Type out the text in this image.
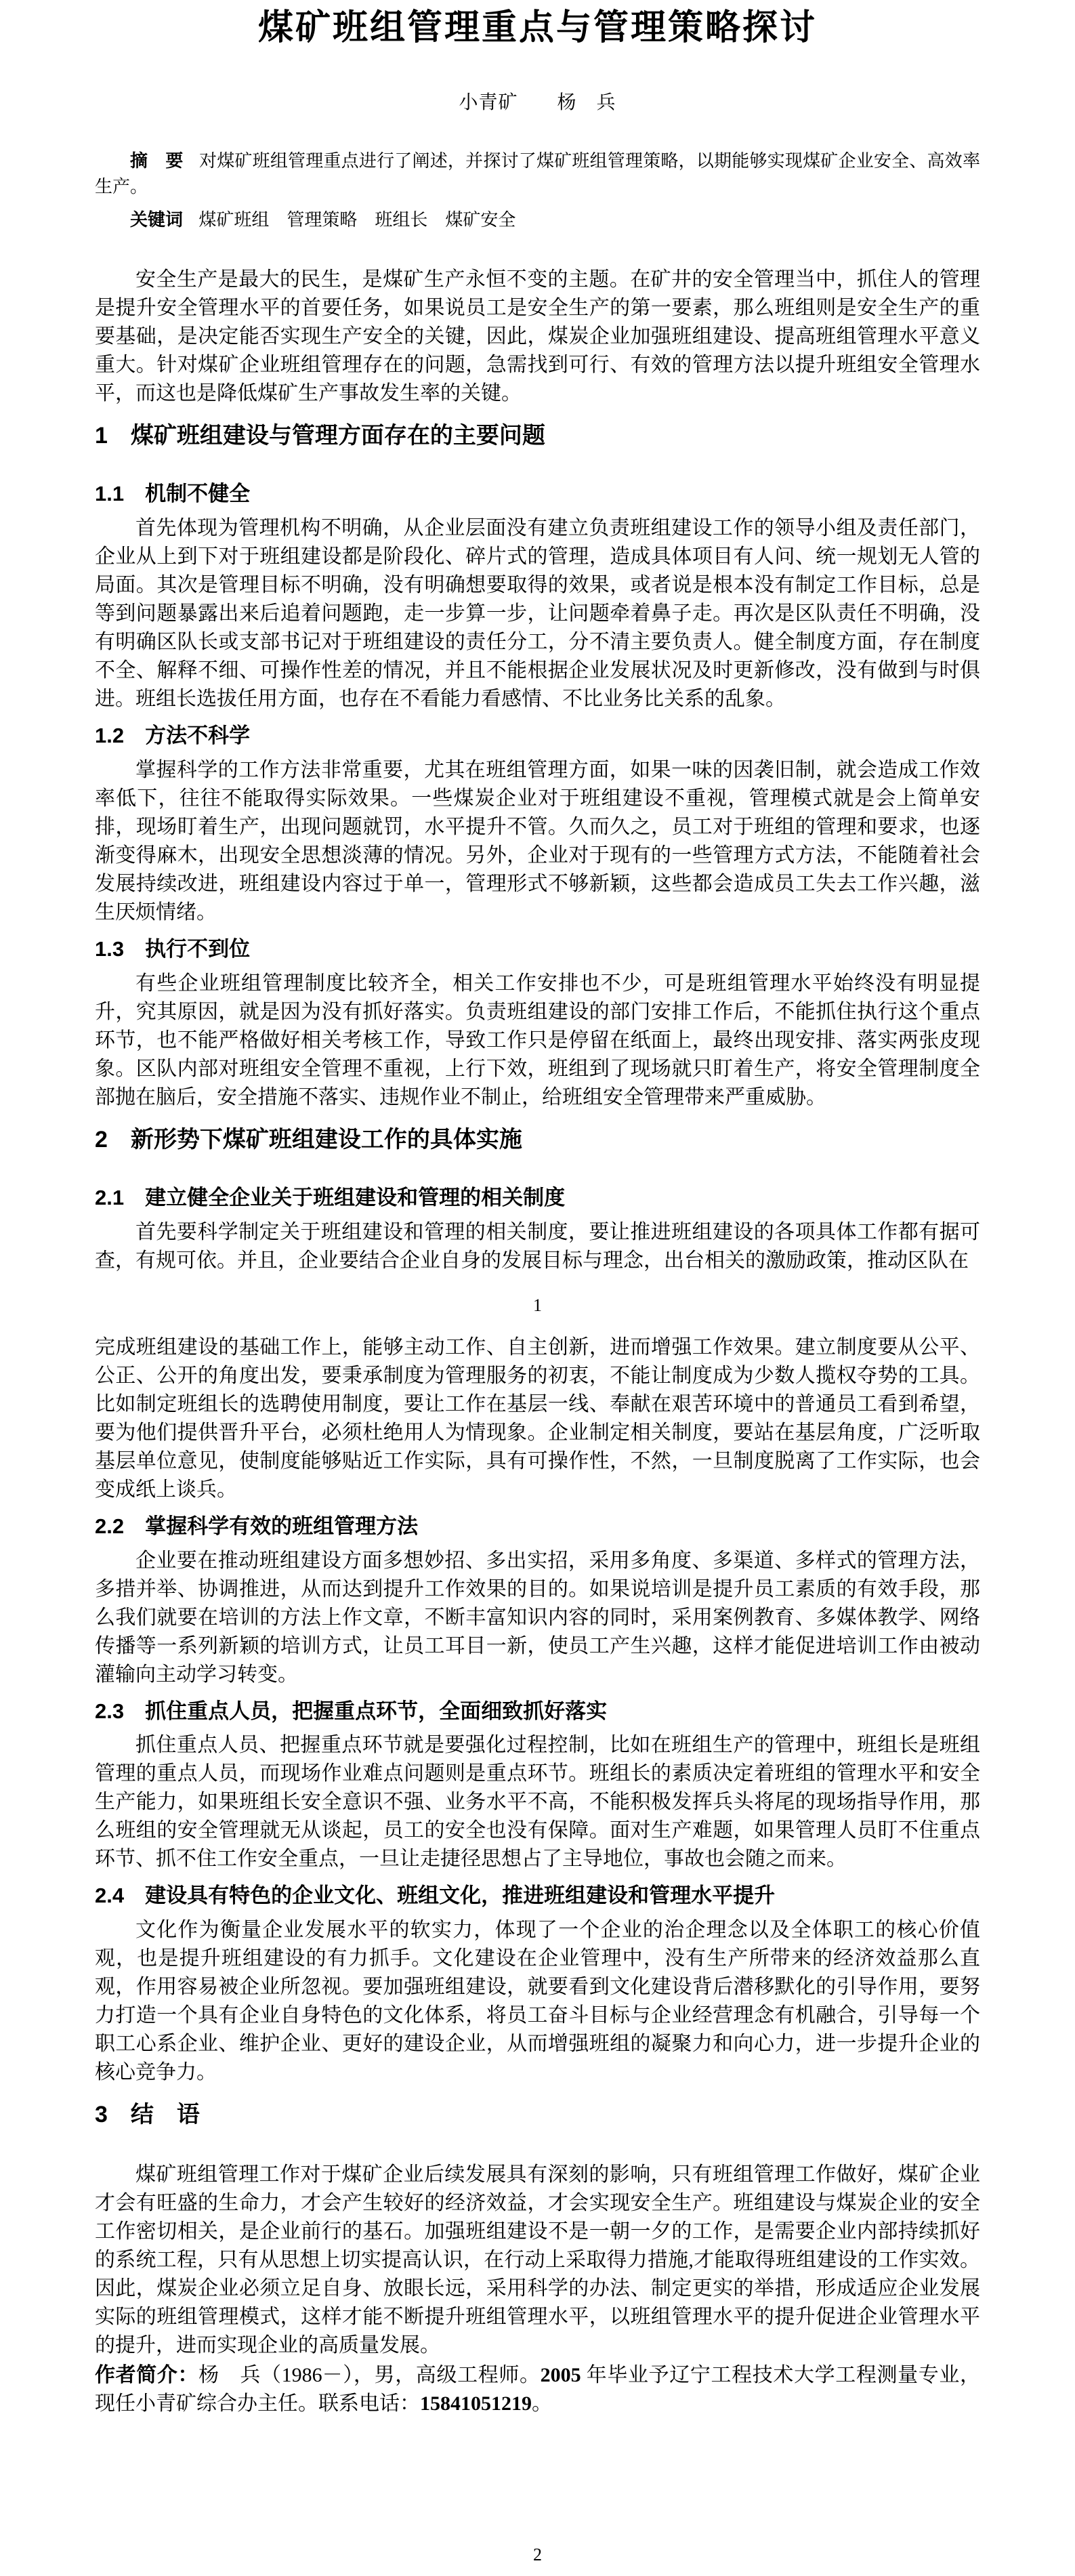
煤矿班组管理重点与管理策略探讨
小青矿　　杨　兵

摘　要 对煤矿班组管理重点进行了阐述，并探讨了煤矿班组管理策略，以期能够实现煤矿企业安全、高效率生产。

关键词 煤矿班组　管理策略　班组长　煤矿安全

安全生产是最大的民生，是煤矿生产永恒不变的主题。在矿井的安全管理当中，抓住人的管理是提升安全管理水平的首要任务，如果说员工是安全生产的第一要素，那么班组则是安全生产的重要基础，是决定能否实现生产安全的关键，因此，煤炭企业加强班组建设、提高班组管理水平意义重大。针对煤矿企业班组管理存在的问题，急需找到可行、有效的管理方法以提升班组安全管理水平，而这也是降低煤矿生产事故发生率的关键。

1　煤矿班组建设与管理方面存在的主要问题
1.1　机制不健全

首先体现为管理机构不明确，从企业层面没有建立负责班组建设工作的领导小组及责任部门，企业从上到下对于班组建设都是阶段化、碎片式的管理，造成具体项目有人问、统一规划无人管的局面。其次是管理目标不明确，没有明确想要取得的效果，或者说是根本没有制定工作目标，总是等到问题暴露出来后追着问题跑，走一步算一步，让问题牵着鼻子走。再次是区队责任不明确，没有明确区队长或支部书记对于班组建设的责任分工，分不清主要负责人。健全制度方面，存在制度不全、解释不细、可操作性差的情况，并且不能根据企业发展状况及时更新修改，没有做到与时俱进。班组长选拔任用方面，也存在不看能力看感情、不比业务比关系的乱象。

1.2　方法不科学

掌握科学的工作方法非常重要，尤其在班组管理方面，如果一味的因袭旧制，就会造成工作效率低下，往往不能取得实际效果。一些煤炭企业对于班组建设不重视，管理模式就是会上简单安排，现场盯着生产，出现问题就罚，水平提升不管。久而久之，员工对于班组的管理和要求，也逐渐变得麻木，出现安全思想淡薄的情况。另外，企业对于现有的一些管理方式方法，不能随着社会发展持续改进，班组建设内容过于单一，管理形式不够新颖，这些都会造成员工失去工作兴趣，滋生厌烦情绪。

1.3　执行不到位

有些企业班组管理制度比较齐全，相关工作安排也不少，可是班组管理水平始终没有明显提升，究其原因，就是因为没有抓好落实。负责班组建设的部门安排工作后，不能抓住执行这个重点环节，也不能严格做好相关考核工作，导致工作只是停留在纸面上，最终出现安排、落实两张皮现象。区队内部对班组安全管理不重视，上行下效，班组到了现场就只盯着生产，将安全管理制度全部抛在脑后，安全措施不落实、违规作业不制止，给班组安全管理带来严重威胁。

2　新形势下煤矿班组建设工作的具体实施
2.1　建立健全企业关于班组建设和管理的相关制度

首先要科学制定关于班组建设和管理的相关制度，要让推进班组建设的各项具体工作都有据可查，有规可依。并且，企业要结合企业自身的发展目标与理念，出台相关的激励政策，推动区队在

1

完成班组建设的基础工作上，能够主动工作、自主创新，进而增强工作效果。建立制度要从公平、公正、公开的角度出发，要秉承制度为管理服务的初衷，不能让制度成为少数人揽权夺势的工具。比如制定班组长的选聘使用制度，要让工作在基层一线、奉献在艰苦环境中的普通员工看到希望，要为他们提供晋升平台，必须杜绝用人为情现象。企业制定相关制度，要站在基层角度，广泛听取基层单位意见，使制度能够贴近工作实际，具有可操作性，不然，一旦制度脱离了工作实际，也会变成纸上谈兵。

2.2　掌握科学有效的班组管理方法

企业要在推动班组建设方面多想妙招、多出实招，采用多角度、多渠道、多样式的管理方法，多措并举、协调推进，从而达到提升工作效果的目的。如果说培训是提升员工素质的有效手段，那么我们就要在培训的方法上作文章，不断丰富知识内容的同时，采用案例教育、多媒体教学、网络传播等一系列新颖的培训方式，让员工耳目一新，使员工产生兴趣，这样才能促进培训工作由被动灌输向主动学习转变。

2.3　抓住重点人员，把握重点环节，全面细致抓好落实

抓住重点人员、把握重点环节就是要强化过程控制，比如在班组生产的管理中，班组长是班组管理的重点人员，而现场作业难点问题则是重点环节。班组长的素质决定着班组的管理水平和安全生产能力，如果班组长安全意识不强、业务水平不高，不能积极发挥兵头将尾的现场指导作用，那么班组的安全管理就无从谈起，员工的安全也没有保障。面对生产难题，如果管理人员盯不住重点环节、抓不住工作安全重点，一旦让走捷径思想占了主导地位，事故也会随之而来。

2.4　建设具有特色的企业文化、班组文化，推进班组建设和管理水平提升

文化作为衡量企业发展水平的软实力，体现了一个企业的治企理念以及全体职工的核心价值观，也是提升班组建设的有力抓手。文化建设在企业管理中，没有生产所带来的经济效益那么直观，作用容易被企业所忽视。要加强班组建设，就要看到文化建设背后潜移默化的引导作用，要努力打造一个具有企业自身特色的文化体系，将员工奋斗目标与企业经营理念有机融合，引导每一个职工心系企业、维护企业、更好的建设企业，从而增强班组的凝聚力和向心力，进一步提升企业的核心竞争力。

3　结　语

煤矿班组管理工作对于煤矿企业后续发展具有深刻的影响，只有班组管理工作做好，煤矿企业才会有旺盛的生命力，才会产生较好的经济效益，才会实现安全生产。班组建设与煤炭企业的安全工作密切相关，是企业前行的基石。加强班组建设不是一朝一夕的工作，是需要企业内部持续抓好的系统工程，只有从思想上切实提高认识，在行动上采取得力措施,才能取得班组建设的工作实效。因此，煤炭企业必须立足自身、放眼长远，采用科学的办法、制定更实的举措，形成适应企业发展实际的班组管理模式，这样才能不断提升班组管理水平，以班组管理水平的提升促进企业管理水平的提升，进而实现企业的高质量发展。

作者简介：杨　兵（1986－），男，高级工程师。2005 年毕业予辽宁工程技术大学工程测量专业，现任小青矿综合办主任。联系电话：15841051219。

2
